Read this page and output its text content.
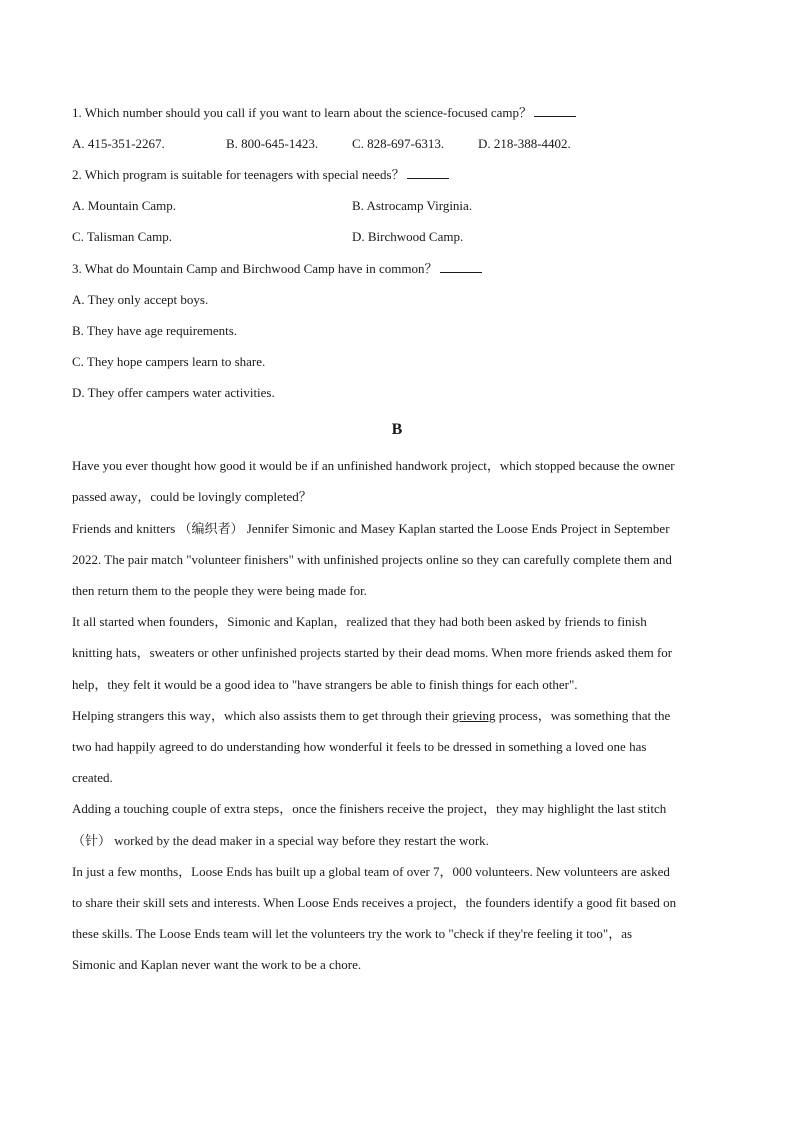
1. Which number should you call if you want to learn about the science-focused camp？
A. 415-351-2267.	B. 800-645-1423.	C. 828-697-6313.	D. 218-388-4402.
2. Which program is suitable for teenagers with special needs？
A. Mountain Camp.	B. Astrocamp Virginia.
C. Talisman Camp.	D. Birchwood Camp.
3. What do Mountain Camp and Birchwood Camp have in common？
A. They only accept boys.
B. They have age requirements.
C. They hope campers learn to share.
D. They offer campers water activities.
B
Have you ever thought how good it would be if an unfinished handwork project，which stopped because the owner
passed away，could be lovingly completed？
Friends and knitters （编织者） Jennifer Simonic and Masey Kaplan started the Loose Ends Project in September
2022. The pair match "volunteer finishers" with unfinished projects online so they can carefully complete them and
then return them to the people they were being made for.
It all started when founders，Simonic and Kaplan，realized that they had both been asked by friends to finish
knitting hats，sweaters or other unfinished projects started by their dead moms. When more friends asked them for
help，they felt it would be a good idea to "have strangers be able to finish things for each other".
Helping strangers this way，which also assists them to get through their grieving process，was something that the
two had happily agreed to do understanding how wonderful it feels to be dressed in something a loved one has
created.
Adding a touching couple of extra steps，once the finishers receive the project，they may highlight the last stitch
（针） worked by the dead maker in a special way before they restart the work.
In just a few months，Loose Ends has built up a global team of over 7，000 volunteers. New volunteers are asked
to share their skill sets and interests. When Loose Ends receives a project，the founders identify a good fit based on
these skills. The Loose Ends team will let the volunteers try the work to "check if they're feeling it too"，as
Simonic and Kaplan never want the work to be a chore.
